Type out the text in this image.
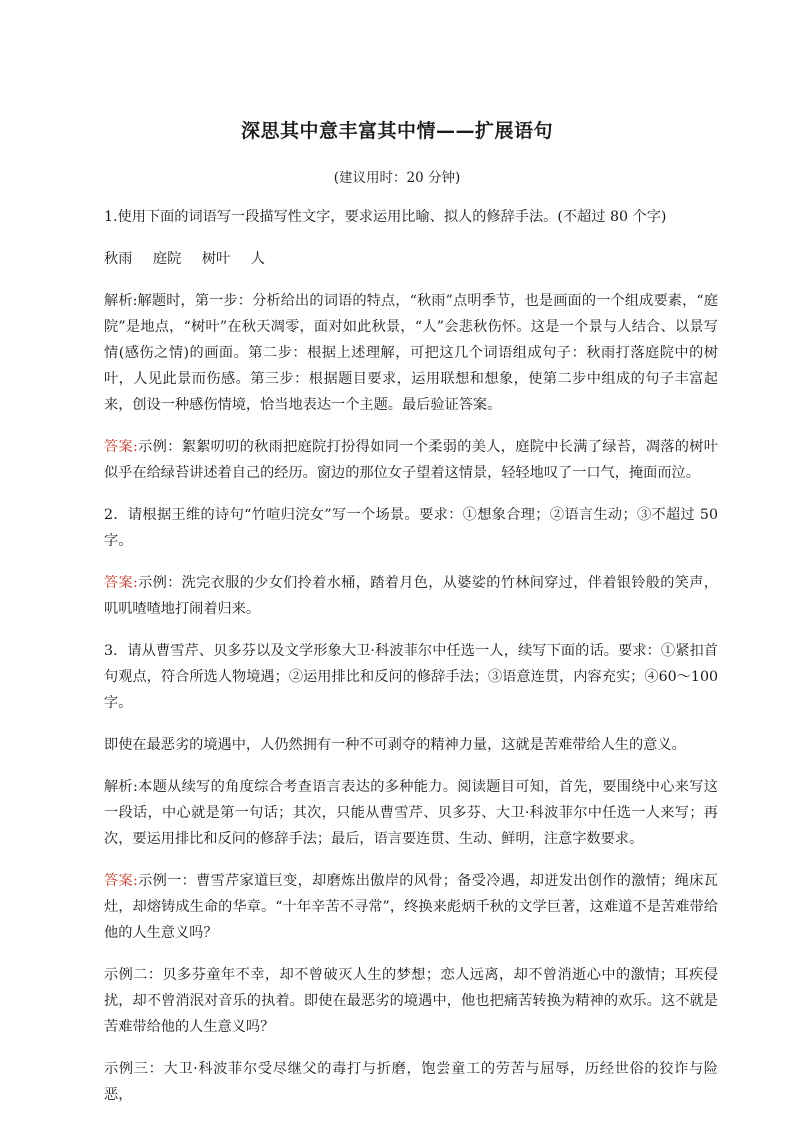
深思其中意丰富其中情——扩展语句
(建议用时：20 分钟)

1.使用下面的词语写一段描写性文字，要求运用比喻、拟人的修辞手法。(不超过 80 个字)

秋雨 庭院 树叶 人

解析:解题时，第一步：分析给出的词语的特点，“秋雨”点明季节，也是画面的一个组成要素，“庭院”是地点，“树叶”在秋天凋零，面对如此秋景，“人”会悲秋伤怀。这是一个景与人结合、以景写情(感伤之情)的画面。第二步：根据上述理解，可把这几个词语组成句子：秋雨打落庭院中的树叶，人见此景而伤感。第三步：根据题目要求，运用联想和想象，使第二步中组成的句子丰富起来，创设一种感伤情境，恰当地表达一个主题。最后验证答案。

答案:示例：絮絮叨叨的秋雨把庭院打扮得如同一个柔弱的美人，庭院中长满了绿苔，凋落的树叶似乎在给绿苔讲述着自己的经历。窗边的那位女子望着这情景，轻轻地叹了一口气，掩面而泣。

2．请根据王维的诗句“竹喧归浣女”写一个场景。要求：①想象合理；②语言生动；③不超过 50字。

答案:示例：洗完衣服的少女们拎着水桶，踏着月色，从婆娑的竹林间穿过，伴着银铃般的笑声，叽叽喳喳地打闹着归来。

3．请从曹雪芹、贝多芬以及文学形象大卫·科波菲尔中任选一人，续写下面的话。要求：①紧扣首句观点，符合所选人物境遇；②运用排比和反问的修辞手法；③语意连贯，内容充实；④60～100字。

即使在最恶劣的境遇中，人仍然拥有一种不可剥夺的精神力量，这就是苦难带给人生的意义。

解析:本题从续写的角度综合考查语言表达的多种能力。阅读题目可知，首先，要围绕中心来写这一段话，中心就是第一句话；其次，只能从曹雪芹、贝多芬、大卫·科波菲尔中任选一人来写；再次，要运用排比和反问的修辞手法；最后，语言要连贯、生动、鲜明，注意字数要求。

答案:示例一：曹雪芹家道巨变，却磨炼出傲岸的风骨；备受冷遇，却迸发出创作的激情；绳床瓦灶，却熔铸成生命的华章。“十年辛苦不寻常”，终换来彪炳千秋的文学巨著，这难道不是苦难带给他的人生意义吗？

示例二：贝多芬童年不幸，却不曾破灭人生的梦想；恋人远离，却不曾消逝心中的激情；耳疾侵扰，却不曾消泯对音乐的执着。即使在最恶劣的境遇中，他也把痛苦转换为精神的欢乐。这不就是苦难带给他的人生意义吗？

示例三：大卫·科波菲尔受尽继父的毒打与折磨，饱尝童工的劳苦与屈辱，历经世俗的狡诈与险恶，
